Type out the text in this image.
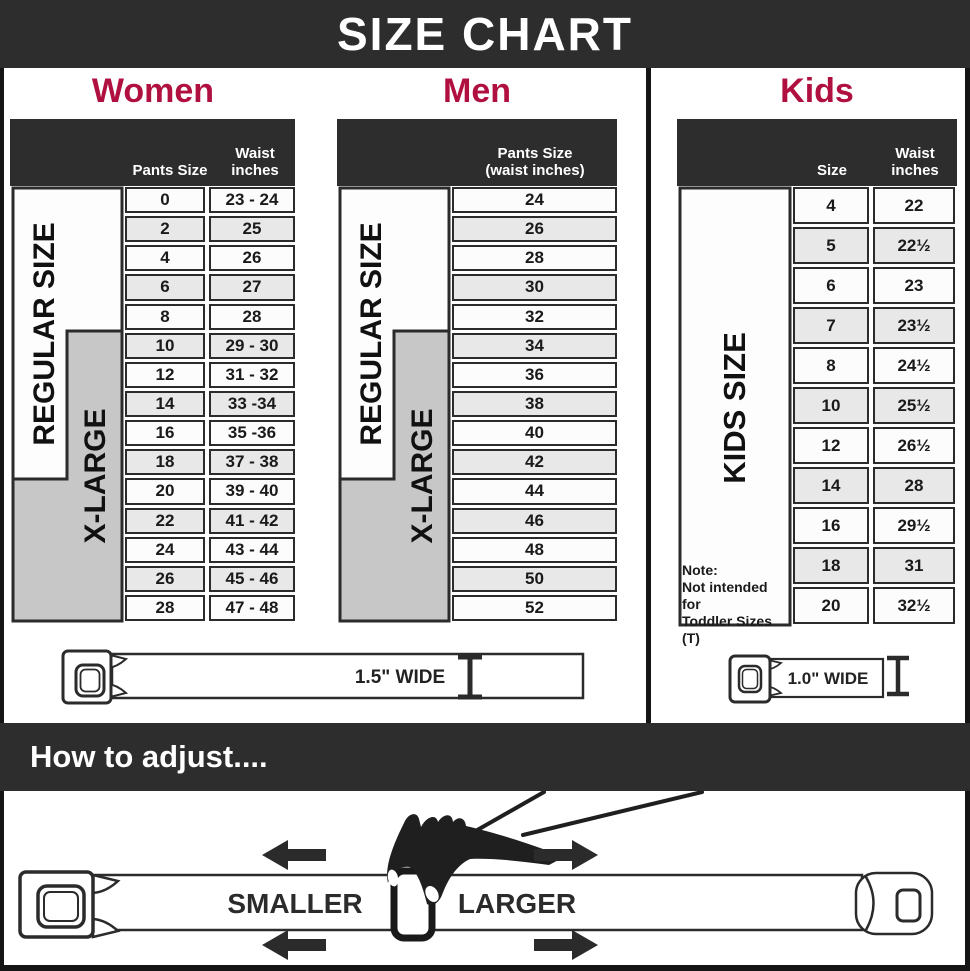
SIZE CHART
Women	Men	Kids
Pants Size
Waist
inches
REGULAR SIZE
X-LARGE
0	23 - 24
2	25
4	26
6	27
8	28
10	29 - 30
12	31 - 32
14	33 -34
16	35 -36
18	37 - 38
20	39 - 40
22	41 - 42
24	43 - 44
26	45 - 46
28	47 - 48
Pants Size
(waist inches)
REGULAR SIZE
X-LARGE
24
26
28
30
32
34
36
38
40
42
44
46
48
50
52
Size
Waist
inches
KIDS SIZE
Note:
Not intended for
Toddler Sizes (T)
4	22
5	22½
6	23
7	23½
8	24½
10	25½
12	26½
14	28
16	29½
18	31
20	32½
1.5" WIDE	1.0" WIDE
How to adjust....
SMALLER	LARGER
